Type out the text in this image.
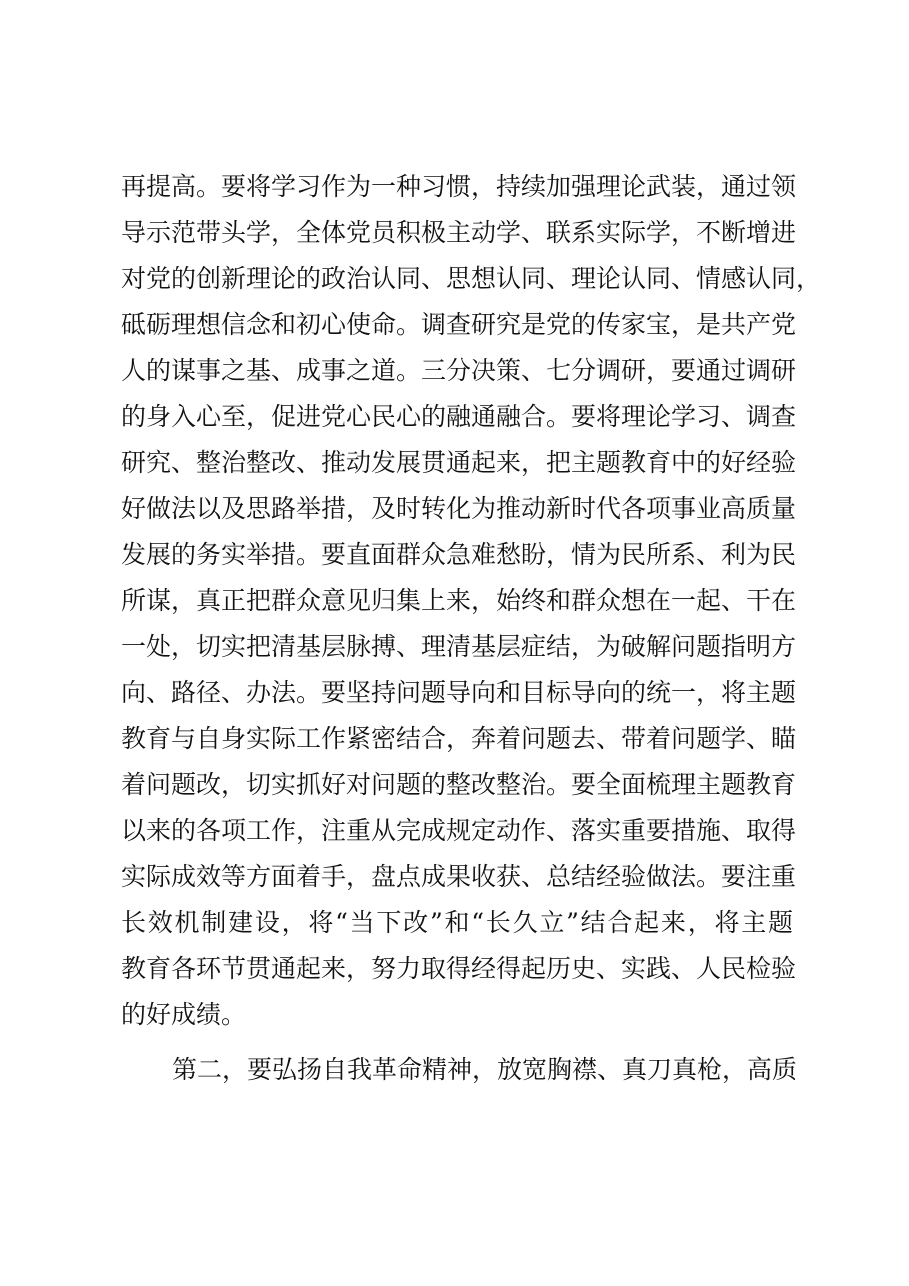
再提高。要将学习作为一种习惯，持续加强理论武装，通过领
导示范带头学，全体党员积极主动学、联系实际学，不断增进
对党的创新理论的政治认同、思想认同、理论认同、情感认同，
砥砺理想信念和初心使命。调查研究是党的传家宝，是共产党
人的谋事之基、成事之道。三分决策、七分调研，要通过调研
的身入心至，促进党心民心的融通融合。要将理论学习、调查
研究、整治整改、推动发展贯通起来，把主题教育中的好经验
好做法以及思路举措，及时转化为推动新时代各项事业高质量
发展的务实举措。要直面群众急难愁盼，情为民所系、利为民
所谋，真正把群众意见归集上来，始终和群众想在一起、干在
一处，切实把清基层脉搏、理清基层症结，为破解问题指明方
向、路径、办法。要坚持问题导向和目标导向的统一，将主题
教育与自身实际工作紧密结合，奔着问题去、带着问题学、瞄
着问题改，切实抓好对问题的整改整治。要全面梳理主题教育
以来的各项工作，注重从完成规定动作、落实重要措施、取得
实际成效等方面着手，盘点成果收获、总结经验做法。要注重
长效机制建设，将“当下改”和“长久立”结合起来，将主题
教育各环节贯通起来，努力取得经得起历史、实践、人民检验
的好成绩。
第二，要弘扬自我革命精神，放宽胸襟、真刀真枪，高质
